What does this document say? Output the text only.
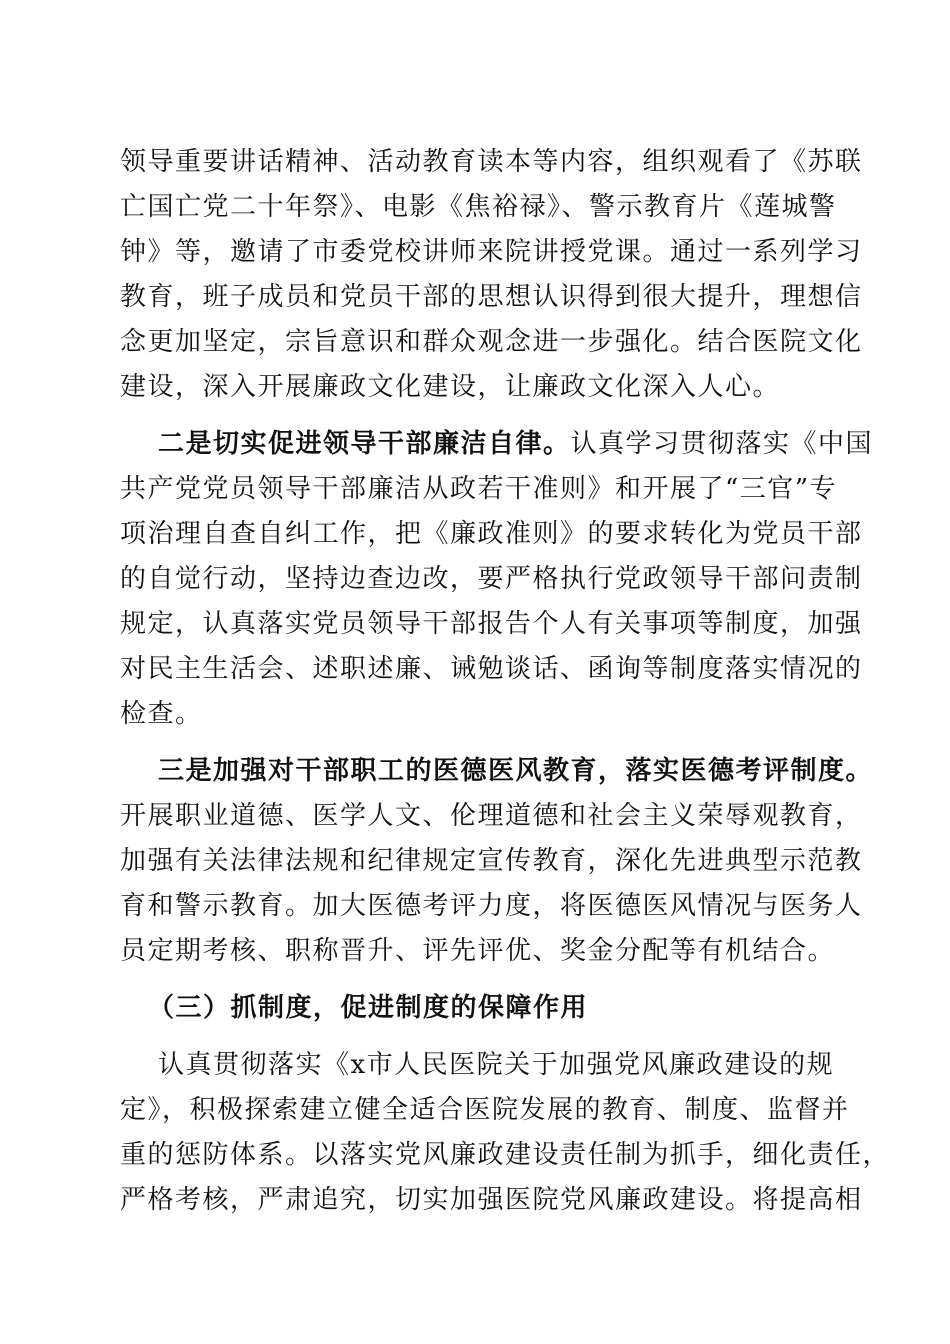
领导重要讲话精神、活动教育读本等内容，组织观看了《苏联
亡国亡党二十年祭》、电影《焦裕禄》、警示教育片《莲城警
钟》等，邀请了市委党校讲师来院讲授党课。通过一系列学习
教育，班子成员和党员干部的思想认识得到很大提升，理想信
念更加坚定，宗旨意识和群众观念进一步强化。结合医院文化
建设，深入开展廉政文化建设，让廉政文化深入人心。
二是切实促进领导干部廉洁自律。认真学习贯彻落实《中国
共产党党员领导干部廉洁从政若干准则》和开展了“三官”专
项治理自查自纠工作，把《廉政准则》的要求转化为党员干部
的自觉行动，坚持边查边改，要严格执行党政领导干部问责制
规定，认真落实党员领导干部报告个人有关事项等制度，加强
对民主生活会、述职述廉、诫勉谈话、函询等制度落实情况的
检查。
三是加强对干部职工的医德医风教育，落实医德考评制度。
开展职业道德、医学人文、伦理道德和社会主义荣辱观教育，
加强有关法律法规和纪律规定宣传教育，深化先进典型示范教
育和警示教育。加大医德考评力度，将医德医风情况与医务人
员定期考核、职称晋升、评先评优、奖金分配等有机结合。
（三）抓制度，促进制度的保障作用
认真贯彻落实《x市人民医院关于加强党风廉政建设的规
定》，积极探索建立健全适合医院发展的教育、制度、监督并
重的惩防体系。以落实党风廉政建设责任制为抓手，细化责任，
严格考核，严肃追究，切实加强医院党风廉政建设。将提高相
